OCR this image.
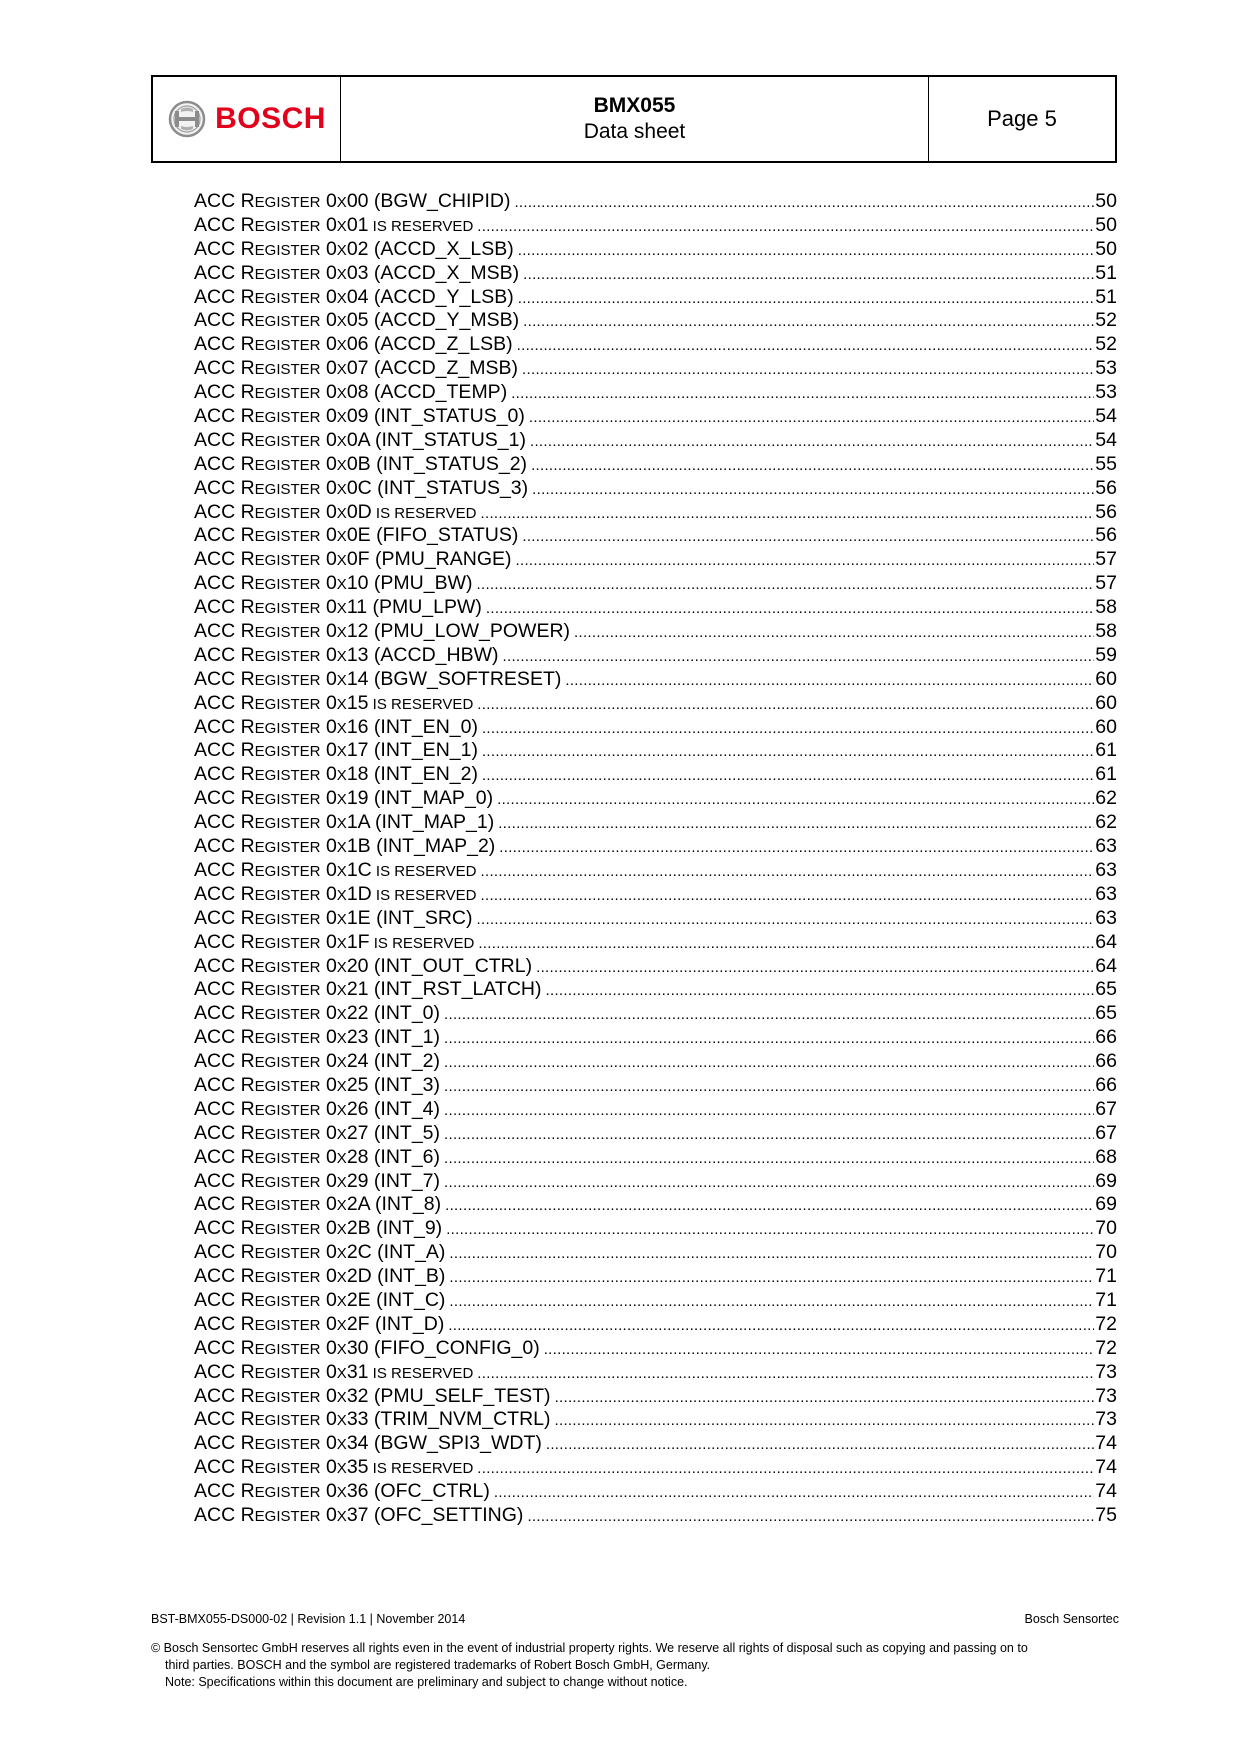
BOSCH	BMX055
Data sheet
Page 5
ACC REGISTER 0X00 (BGW_CHIPID) .....	50
ACC REGISTER 0X01 IS RESERVED .....	50
ACC REGISTER 0X02 (ACCD_X_LSB) .....	50
ACC REGISTER 0X03 (ACCD_X_MSB) .....	51
ACC REGISTER 0X04 (ACCD_Y_LSB) .....	51
ACC REGISTER 0X05 (ACCD_Y_MSB) .....	52
ACC REGISTER 0X06 (ACCD_Z_LSB) .....	52
ACC REGISTER 0X07 (ACCD_Z_MSB) .....	53
ACC REGISTER 0X08 (ACCD_TEMP) .....	53
ACC REGISTER 0X09 (INT_STATUS_0) .....	54
ACC REGISTER 0X0A (INT_STATUS_1) .....	54
ACC REGISTER 0X0B (INT_STATUS_2) .....	55
ACC REGISTER 0X0C (INT_STATUS_3) .....	56
ACC REGISTER 0X0D IS RESERVED .....	56
ACC REGISTER 0X0E (FIFO_STATUS) .....	56
ACC REGISTER 0X0F (PMU_RANGE) .....	57
ACC REGISTER 0X10 (PMU_BW) .....	57
ACC REGISTER 0X11 (PMU_LPW) .....	58
ACC REGISTER 0X12 (PMU_LOW_POWER) .....	58
ACC REGISTER 0X13 (ACCD_HBW) .....	59
ACC REGISTER 0X14 (BGW_SOFTRESET) .....	60
ACC REGISTER 0X15 IS RESERVED .....	60
ACC REGISTER 0X16 (INT_EN_0) .....	60
ACC REGISTER 0X17 (INT_EN_1) .....	61
ACC REGISTER 0X18 (INT_EN_2) .....	61
ACC REGISTER 0X19 (INT_MAP_0) .....	62
ACC REGISTER 0X1A (INT_MAP_1) .....	62
ACC REGISTER 0X1B (INT_MAP_2) .....	63
ACC REGISTER 0X1C IS RESERVED .....	63
ACC REGISTER 0X1D IS RESERVED .....	63
ACC REGISTER 0X1E (INT_SRC) .....	63
ACC REGISTER 0X1F IS RESERVED .....	64
ACC REGISTER 0X20 (INT_OUT_CTRL) .....	64
ACC REGISTER 0X21 (INT_RST_LATCH) .....	65
ACC REGISTER 0X22 (INT_0) .....	65
ACC REGISTER 0X23 (INT_1) .....	66
ACC REGISTER 0X24 (INT_2) .....	66
ACC REGISTER 0X25 (INT_3) .....	66
ACC REGISTER 0X26 (INT_4) .....	67
ACC REGISTER 0X27 (INT_5) .....	67
ACC REGISTER 0X28 (INT_6) .....	68
ACC REGISTER 0X29 (INT_7) .....	69
ACC REGISTER 0X2A (INT_8) .....	69
ACC REGISTER 0X2B (INT_9) .....	70
ACC REGISTER 0X2C (INT_A) .....	70
ACC REGISTER 0X2D (INT_B) .....	71
ACC REGISTER 0X2E (INT_C) .....	71
ACC REGISTER 0X2F (INT_D) .....	72
ACC REGISTER 0X30 (FIFO_CONFIG_0) .....	72
ACC REGISTER 0X31 IS RESERVED .....	73
ACC REGISTER 0X32 (PMU_SELF_TEST) .....	73
ACC REGISTER 0X33 (TRIM_NVM_CTRL) .....	73
ACC REGISTER 0X34 (BGW_SPI3_WDT) .....	74
ACC REGISTER 0X35 IS RESERVED .....	74
ACC REGISTER 0X36 (OFC_CTRL) .....	74
ACC REGISTER 0X37 (OFC_SETTING) .....	75
BST-BMX055-DS000-02 | Revision 1.1 | November 2014	Bosch Sensortec
© Bosch Sensortec GmbH reserves all rights even in the event of industrial property rights. We reserve all rights of disposal such as copying and passing on to
third parties. BOSCH and the symbol are registered trademarks of Robert Bosch GmbH, Germany.
Note: Specifications within this document are preliminary and subject to change without notice.
